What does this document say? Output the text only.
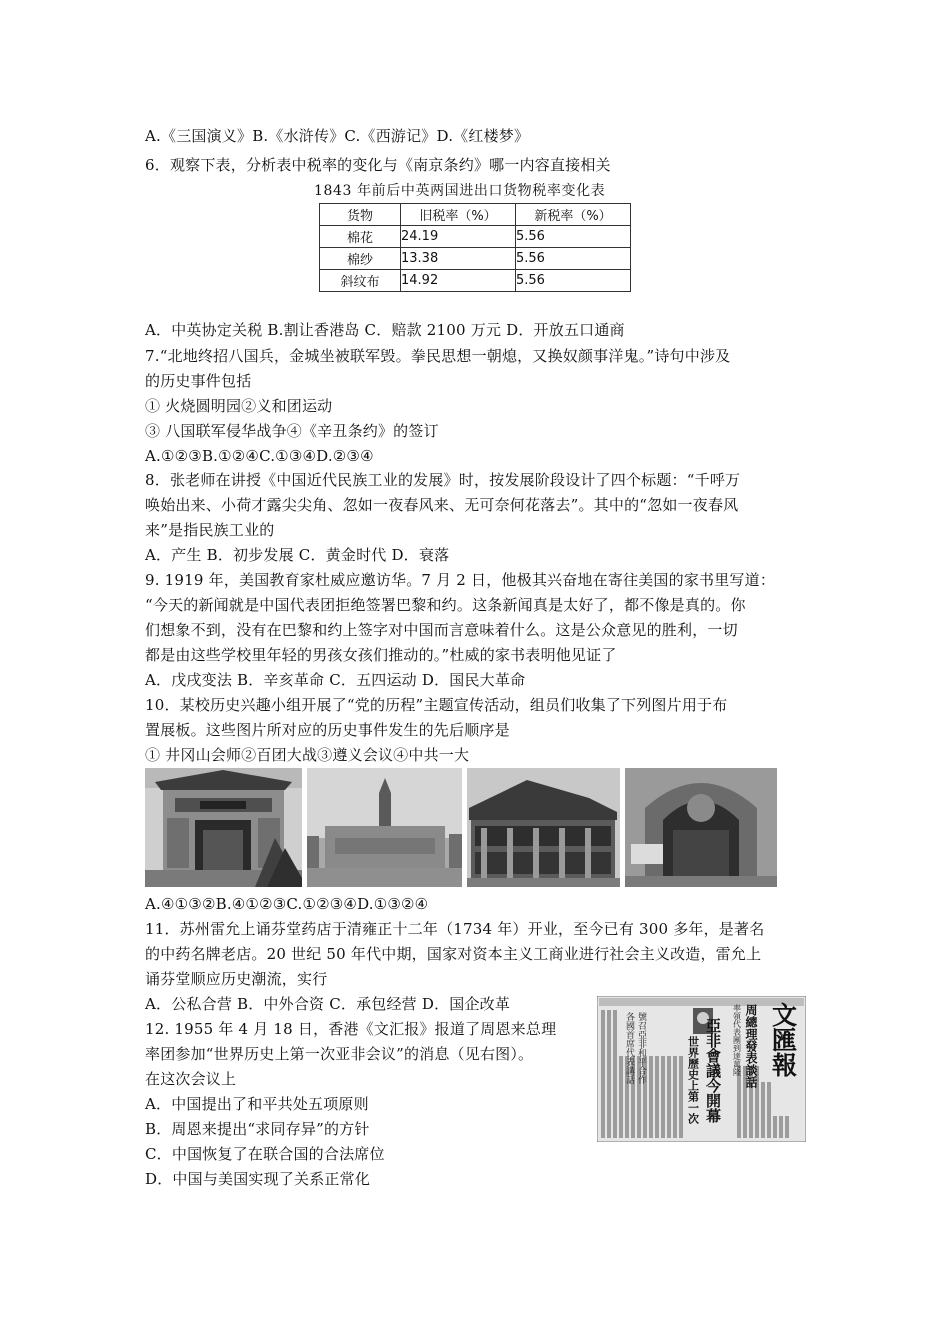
A.《三国演义》B.《水浒传》C.《西游记》D.《红楼梦》
6．观察下表，分析表中税率的变化与《南京条约》哪一内容直接相关
1843 年前后中英两国进出口货物税率变化表
货物	旧税率（%）	新税率（%）
棉花	24.19	5.56
棉纱	13.38	5.56
斜纹布	14.92	5.56
A．中英协定关税 B.割让香港岛 C．赔款 2100 万元 D．开放五口通商
7.“北地终招八国兵，金城坐被联军毁。拳民思想一朝熄，又换奴颜事洋鬼。”诗句中涉及
的历史事件包括
① 火烧圆明园②义和团运动
③ 八国联军侵华战争④《辛丑条约》的签订
A.①②③B.①②④C.①③④D.②③④
8．张老师在讲授《中国近代民族工业的发展》时，按发展阶段设计了四个标题：“千呼万
唤始出来、小荷才露尖尖角、忽如一夜春风来、无可奈何花落去”。其中的“忽如一夜春风
来”是指民族工业的
A．产生 B．初步发展 C．黄金时代 D．衰落
9. 1919 年，美国教育家杜威应邀访华。7 月 2 日，他极其兴奋地在寄往美国的家书里写道：
“今天的新闻就是中国代表团拒绝签署巴黎和约。这条新闻真是太好了，都不像是真的。你
们想象不到，没有在巴黎和约上签字对中国而言意味着什么。这是公众意见的胜利，一切
都是由这些学校里年轻的男孩女孩们推动的。”杜威的家书表明他见证了
A．戊戌变法 B．辛亥革命 C．五四运动 D．国民大革命
10．某校历史兴趣小组开展了“党的历程”主题宣传活动，组员们收集了下列图片用于布
置展板。这些图片所对应的历史事件发生的先后顺序是
① 井冈山会师②百团大战③遵义会议④中共一大
A.④①③②B.④①②③C.①②③④D.①③②④
11．苏州雷允上诵芬堂药店于清雍正十二年（1734 年）开业，至今已有 300 多年，是著名
的中药名牌老店。20 世纪 50 年代中期，国家对资本主义工商业进行社会主义改造，雷允上
诵芬堂顺应历史潮流，实行
A．公私合营 B．中外合资 C．承包经营 D．国企改革
12. 1955 年 4 月 18 日，香港《文汇报》报道了周恩来总理
率团参加“世界历史上第一次亚非会议”的消息（见右图）。
在这次会议上
A．中国提出了和平共处五项原则
B．周恩来提出“求同存异”的方针
C．中国恢复了在联合国的合法席位
D．中国与美国实现了关系正常化
各國首席代表講話 號召亞非和平合作	世界歷史上第一次 亞非會議今開幕 率領代表團到達萬隆 周總理發表談話 文匯報
